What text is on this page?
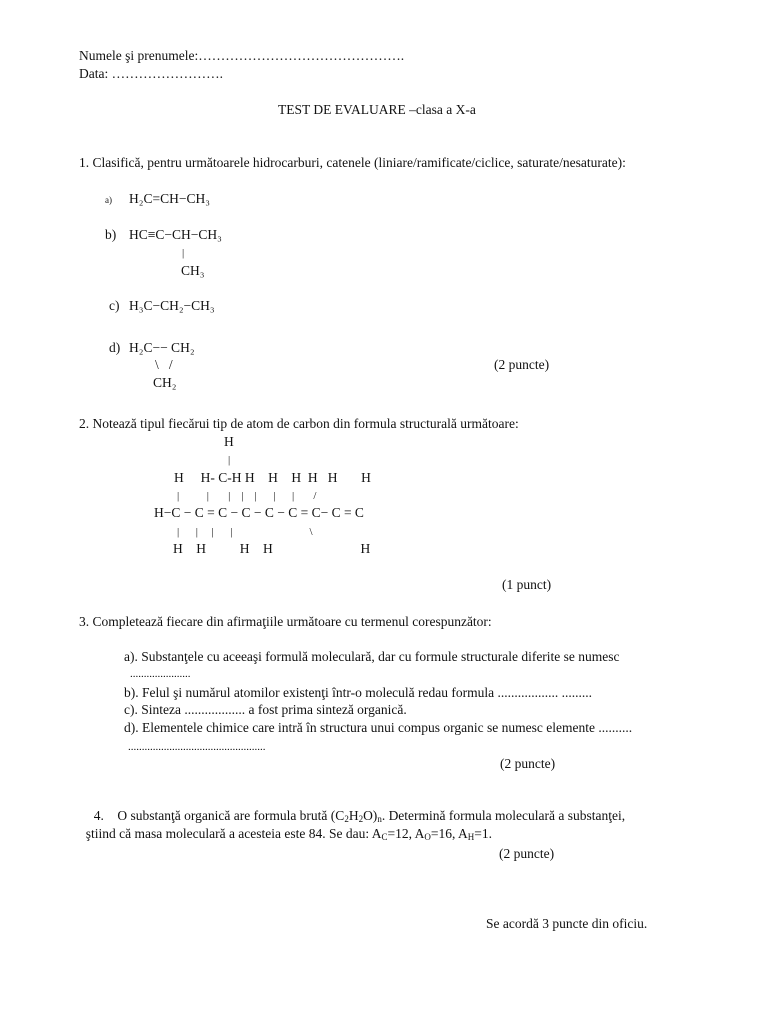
Numele şi prenumele:……………………………………….
Data: …………………….
TEST DE EVALUARE –clasa a X-a
1. Clasifică, pentru următoarele hidrocarburi, catenele (liniare/ramificate/ciclice, saturate/nesaturate):
a) H₂C=CH−CH₃
b) HC≡C−CH−CH₃
|
CH₃
c) H₃C−CH₂−CH₃
d) H₂C−− CH₂
\   /
CH₂
(2 puncte)
2. Notează tipul fiecărui tip de atom de carbon din formula structurală următoare:
H
|
H     H- C-H H    H    H  H   H       H
|          |       |    |    |      |      |       /
H−C − C = C − C − C − C = C− C = C
|      |     |      |                            \
H    H          H    H                          H
(1 punct)
3. Completează fiecare din afirmaţiile următoare cu termenul corespunzător:
a). Substanţele cu aceeaşi formulă moleculară, dar cu formule structurale diferite se numesc
......................
b). Felul şi numărul atomilor existenţi într-o moleculă redau formula .................. .........
c). Sinteza .................. a fost prima sinteză organică.
d). Elementele chimice care intră în structura unui compus organic se numesc elemente ..........
..................................................
(2 puncte)

4. O substanţă organică are formula brută $(C_2H_2O)_n$. Determină formula moleculară a substanţei,

ştiind că masa moleculară a acesteia este 84. Se dau: $A_C=12$, $A_O=16$, $A_H=1$.

(2 puncte)
Se acordă 3 puncte din oficiu.
